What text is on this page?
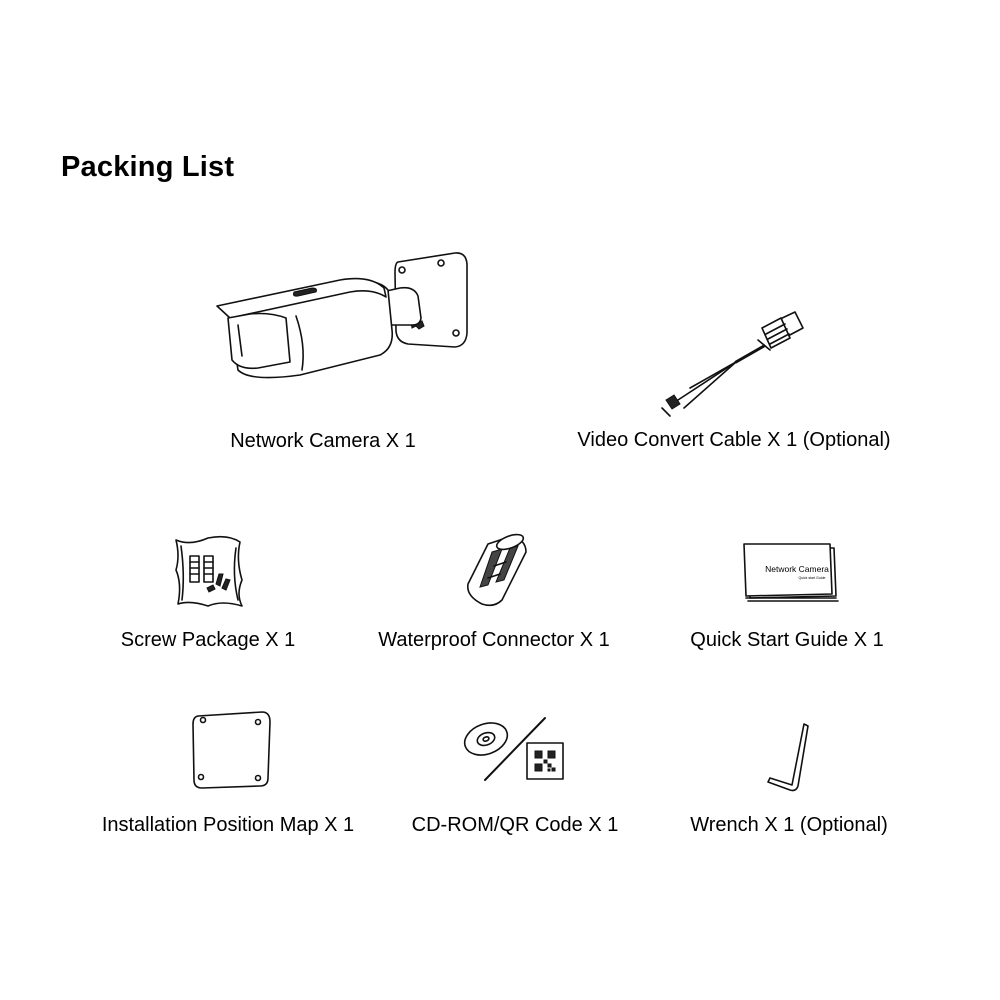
Packing List
Network Camera X 1	Video Convert Cable X 1 (Optional)
Screw Package X 1	Waterproof Connector X 1
Network Camera
Quick start Guide
Quick Start Guide X 1
Installation Position Map X 1	CD-ROM/QR Code X 1	Wrench X 1 (Optional)
